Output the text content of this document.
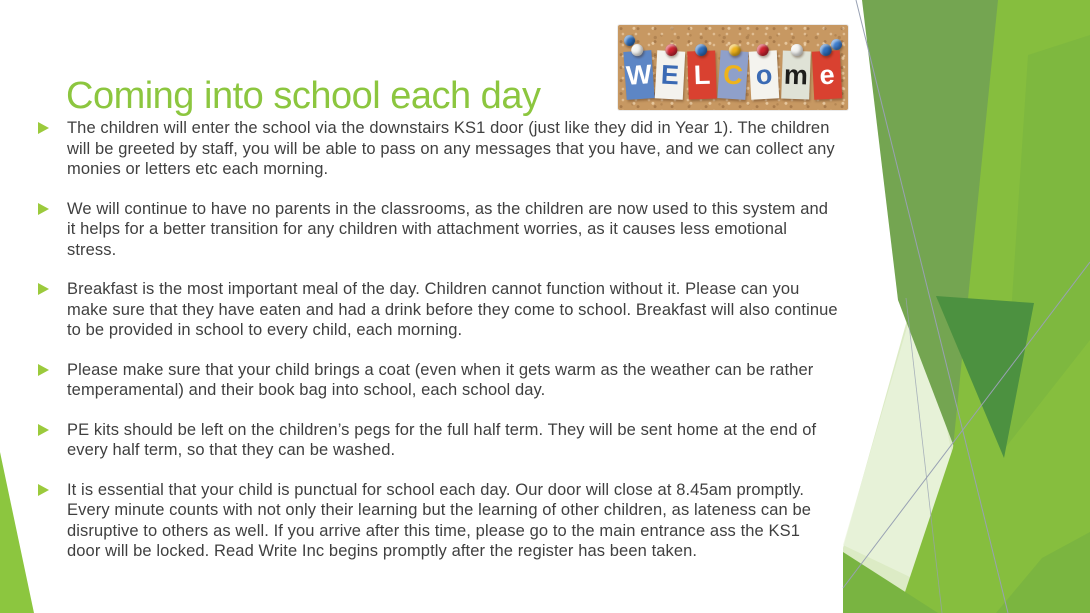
Coming into school each day
W E L C o m e
The children will enter the school via the downstairs KS1 door (just like they did in Year 1). The children will be greeted by staff, you will be able to pass on any messages that you have, and we can collect any monies or letters etc each morning.
We will continue to have no parents in the classrooms, as the children are now used to this system and it helps for a better transition for any children with attachment worries, as it causes less emotional stress.
Breakfast is the most important meal of the day. Children cannot function without it. Please can you make sure that they have eaten and had a drink before they come to school. Breakfast will also continue to be provided in school to every child, each morning.
Please make sure that your child brings a coat (even when it gets warm as the weather can be rather temperamental) and their book bag into school, each school day.
PE kits should be left on the children’s pegs for the full half term. They will be sent home at the end of every half term, so that they can be washed.
It is essential that your child is punctual for school each day. Our door will close at 8.45am promptly. Every minute counts with not only their learning but the learning of other children, as lateness can be disruptive to others as well. If you arrive after this time, please go to the main entrance ass the KS1 door will be locked. Read Write Inc begins promptly after the register has been taken.
